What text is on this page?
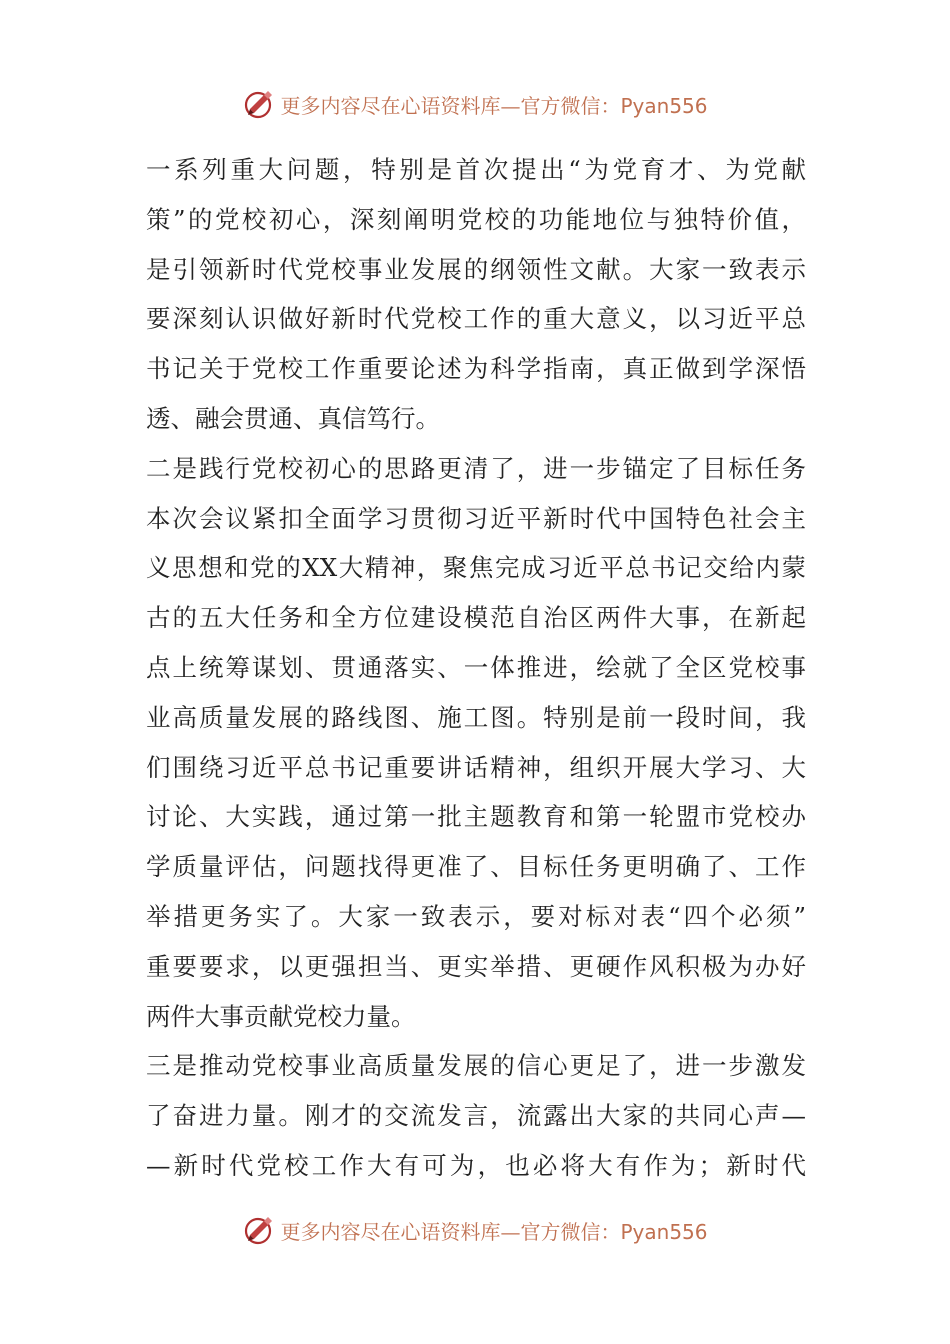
更多内容尽在心语资料库—官方微信：Pyan556
一系列重大问题，特别是首次提出“为党育才、为党献
策”的党校初心，深刻阐明党校的功能地位与独特价值，
是引领新时代党校事业发展的纲领性文献。大家一致表示
要深刻认识做好新时代党校工作的重大意义，以习近平总
书记关于党校工作重要论述为科学指南，真正做到学深悟
透、融会贯通、真信笃行。
二是践行党校初心的思路更清了，进一步锚定了目标任务
本次会议紧扣全面学习贯彻习近平新时代中国特色社会主
义思想和党的XX大精神，聚焦完成习近平总书记交给内蒙
古的五大任务和全方位建设模范自治区两件大事，在新起
点上统筹谋划、贯通落实、一体推进，绘就了全区党校事
业高质量发展的路线图、施工图。特别是前一段时间，我
们围绕习近平总书记重要讲话精神，组织开展大学习、大
讨论、大实践，通过第一批主题教育和第一轮盟市党校办
学质量评估，问题找得更准了、目标任务更明确了、工作
举措更务实了。大家一致表示，要对标对表“四个必须”
重要要求，以更强担当、更实举措、更硬作风积极为办好
两件大事贡献党校力量。
三是推动党校事业高质量发展的信心更足了，进一步激发
了奋进力量。刚才的交流发言，流露出大家的共同心声—
—新时代党校工作大有可为，也必将大有作为；新时代
更多内容尽在心语资料库—官方微信：Pyan556
